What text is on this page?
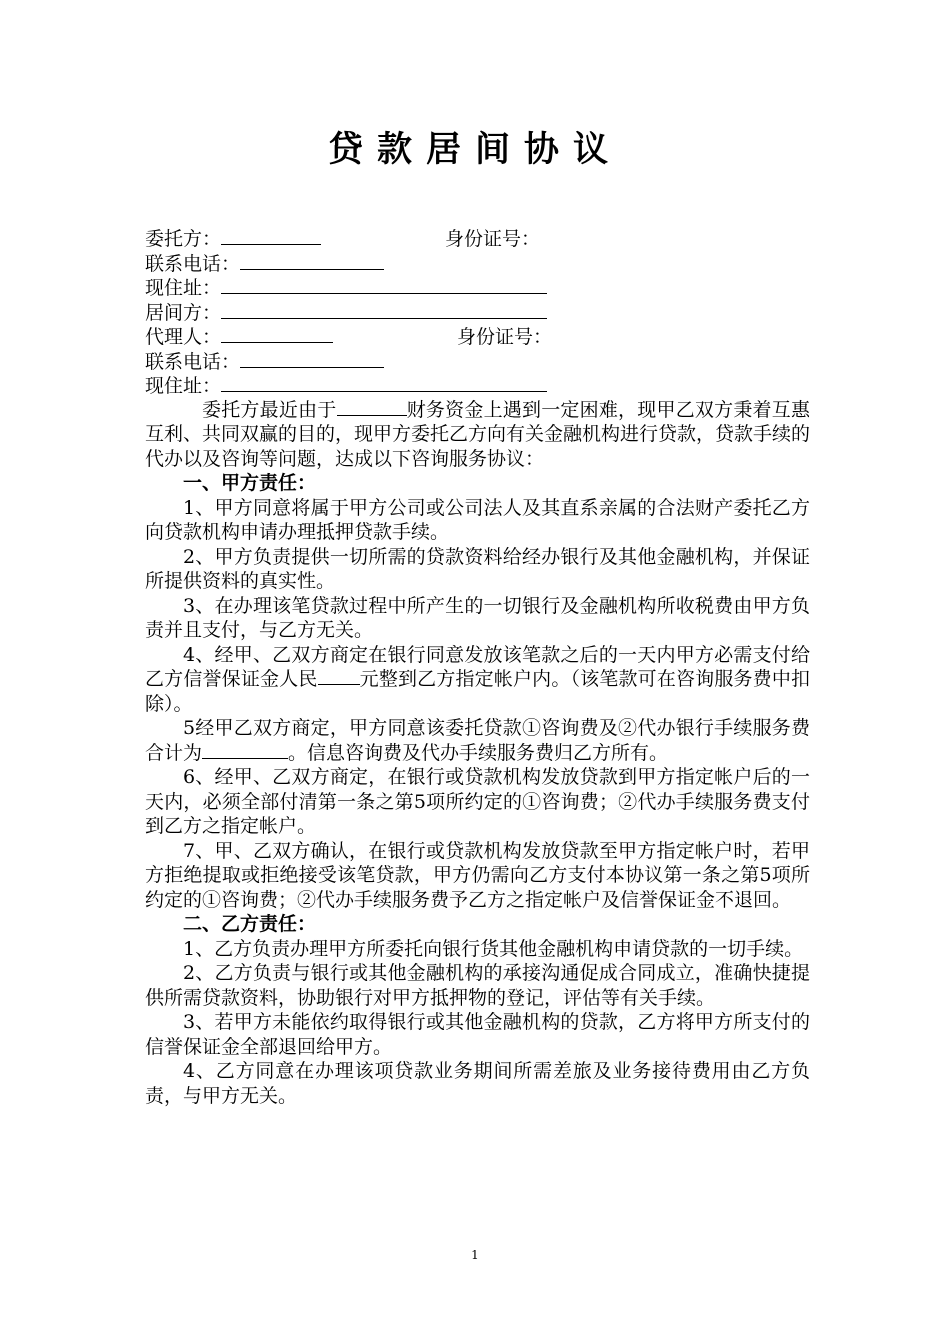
贷款居间协议
委托方：	身份证号：
联系电话：
现住址：
居间方：
代理人：	身份证号：
联系电话：
现住址：

委托方最近由于	财务资金上遇到一定困难，现甲乙双方秉着互惠互利、共同双赢的目的，现甲方委托乙方向有关金融机构进行贷款，贷款手续的代办以及咨询等问题，达成以下咨询服务协议：

一、甲方责任：

1、甲方同意将属于甲方公司或公司法人及其直系亲属的合法财产委托乙方向贷款机构申请办理抵押贷款手续。

2、甲方负责提供一切所需的贷款资料给经办银行及其他金融机构，并保证所提供资料的真实性。

3、在办理该笔贷款过程中所产生的一切银行及金融机构所收税费由甲方负责并且支付，与乙方无关。

4、经甲、乙双方商定在银行同意发放该笔款之后的一天内甲方必需支付给乙方信誉保证金人民 元整到乙方指定帐户内。（该笔款可在咨询服务费中扣除）。

5经甲乙双方商定，甲方同意该委托贷款①咨询费及②代办银行手续服务费合计为	。信息咨询费及代办手续服务费归乙方所有。

6、经甲、乙双方商定，在银行或贷款机构发放贷款到甲方指定帐户后的一天内，必须全部付清第一条之第5项所约定的①咨询费；②代办手续服务费支付到乙方之指定帐户。

7、甲、乙双方确认，在银行或贷款机构发放贷款至甲方指定帐户时，若甲方拒绝提取或拒绝接受该笔贷款，甲方仍需向乙方支付本协议第一条之第5项所约定的①咨询费；②代办手续服务费予乙方之指定帐户及信誉保证金不退回。

二、乙方责任：

1、乙方负责办理甲方所委托向银行货其他金融机构申请贷款的一切手续。

2、乙方负责与银行或其他金融机构的承接沟通促成合同成立，准确快捷提供所需贷款资料，协助银行对甲方抵押物的登记，评估等有关手续。

3、若甲方未能依约取得银行或其他金融机构的贷款，乙方将甲方所支付的信誉保证金全部退回给甲方。

4、乙方同意在办理该项贷款业务期间所需差旅及业务接待费用由乙方负责，与甲方无关。

1
